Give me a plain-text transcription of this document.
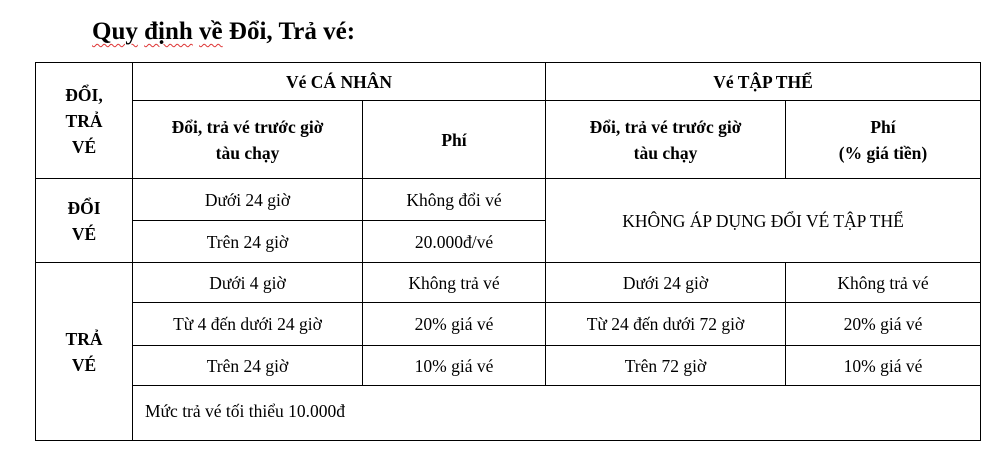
Quy định về Đổi, Trả vé:
ĐỔI,
TRẢ
VÉ	Vé CÁ NHÂN		Vé TẬP THỂ	
	Đổi, trả vé trước giờ
tàu chạy	Phí	Đổi, trả vé trước giờ
tàu chạy	Phí
(% giá tiền)
ĐỔI
VÉ	Dưới 24 giờ	Không đổi vé	KHÔNG ÁP DỤNG ĐỔI VÉ TẬP THỂ	
	Trên 24 giờ	20.000đ/vé		
TRẢ
VÉ	Dưới 4 giờ	Không trả vé	Dưới 24 giờ	Không trả vé
	Từ 4 đến dưới 24 giờ	20% giá vé	Từ 24 đến dưới 72 giờ	20% giá vé
	Trên 24 giờ	10% giá vé	Trên 72 giờ	10% giá vé
	Mức trả vé tối thiểu 10.000đ			
